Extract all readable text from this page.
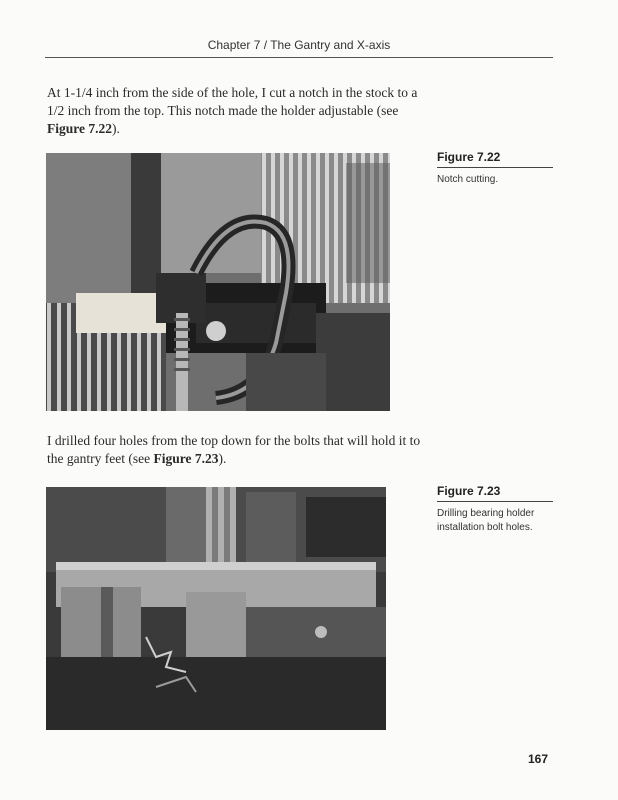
Chapter 7 / The Gantry and X-axis
At 1-1/4 inch from the side of the hole, I cut a notch in the stock to a 1/2 inch from the top. This notch made the holder adjustable (see Figure 7.22).
Figure 7.22
Notch cutting.
I drilled four holes from the top down for the bolts that will hold it to the gantry feet (see Figure 7.23).
Figure 7.23
Drilling bearing holder installation bolt holes.
167
